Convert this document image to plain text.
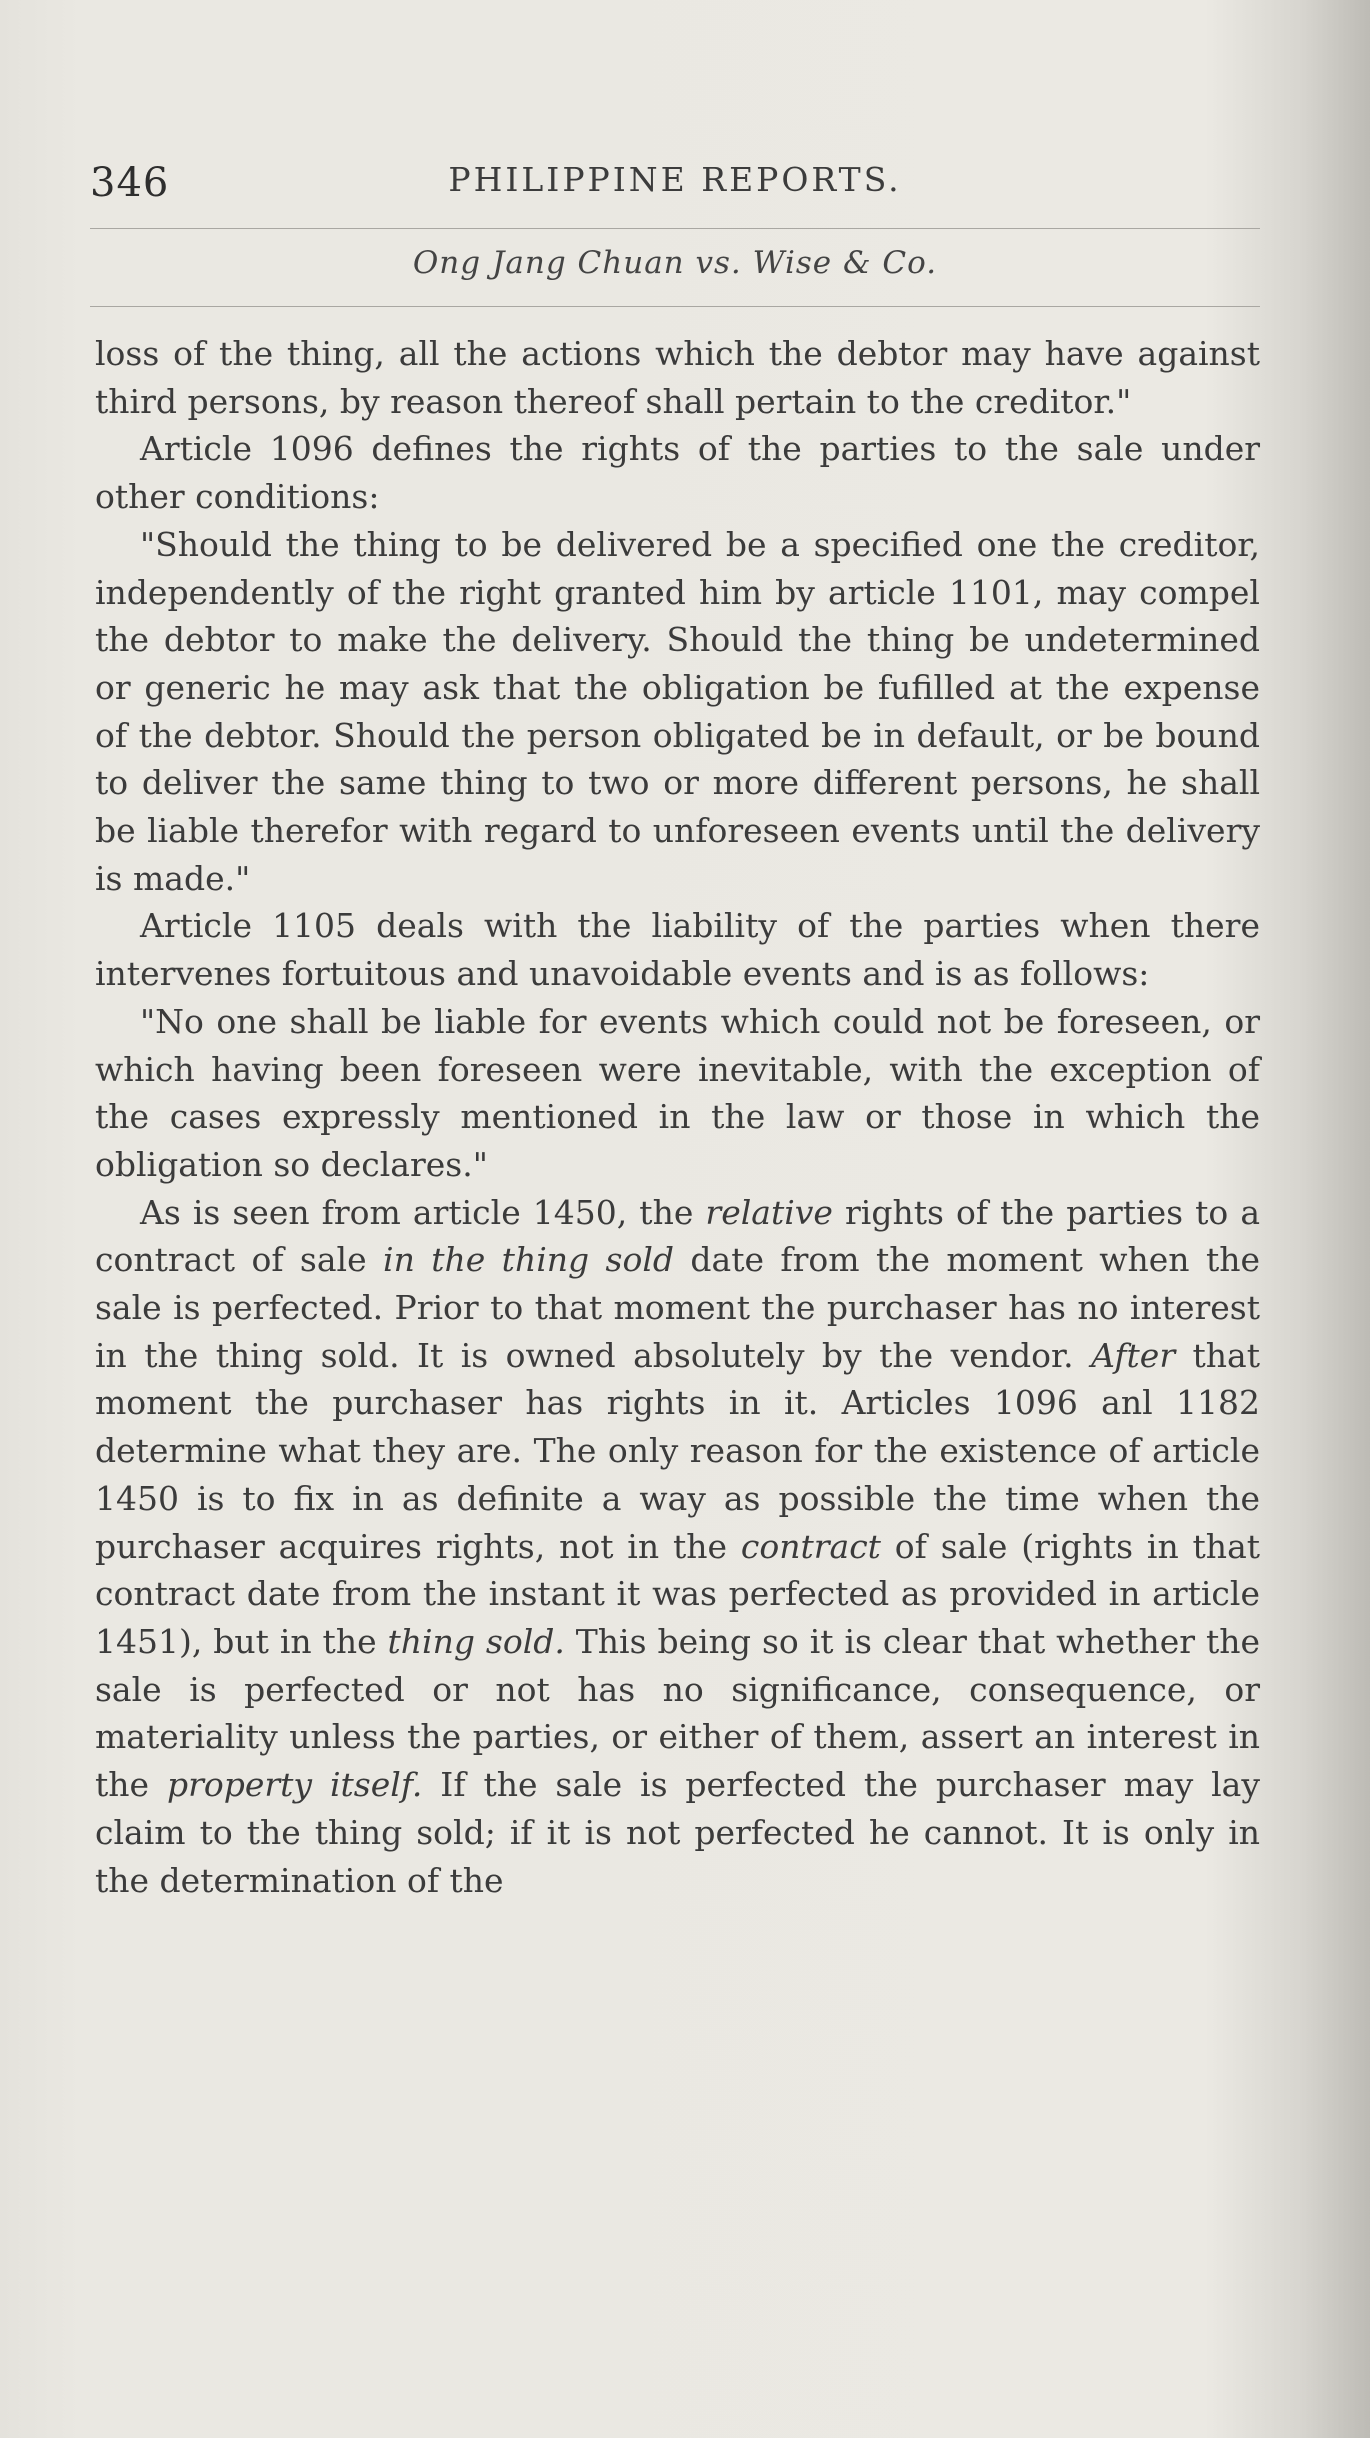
346	PHILIPPINE REPORTS.
Ong Jang Chuan vs. Wise & Co.

loss of the thing, all the actions which the debtor may have against third persons, by reason thereof shall pertain to the creditor."

Article 1096 defines the rights of the parties to the sale under other conditions:

"Should the thing to be delivered be a specified one the creditor, independently of the right granted him by article 1101, may compel the debtor to make the delivery. Should the thing be undetermined or generic he may ask that the obligation be fufilled at the expense of the debtor. Should the person obligated be in default, or be bound to deliver the same thing to two or more different persons, he shall be liable therefor with regard to unforeseen events until the delivery is made."

Article 1105 deals with the liability of the parties when there intervenes fortuitous and unavoidable events and is as follows:

"No one shall be liable for events which could not be foreseen, or which having been foreseen were inevitable, with the exception of the cases expressly mentioned in the law or those in which the obligation so declares."

As is seen from article 1450, the relative rights of the parties to a contract of sale in the thing sold date from the moment when the sale is perfected. Prior to that moment the purchaser has no interest in the thing sold. It is owned absolutely by the vendor. After that moment the purchaser has rights in it. Articles 1096 anl 1182 determine what they are. The only reason for the existence of article 1450 is to fix in as definite a way as possible the time when the purchaser acquires rights, not in the contract of sale (rights in that contract date from the instant it was perfected as provided in article 1451), but in the thing sold. This being so it is clear that whether the sale is perfected or not has no significance, consequence, or materiality unless the parties, or either of them, assert an interest in the property itself. If the sale is perfected the purchaser may lay claim to the thing sold; if it is not perfected he cannot. It is only in the determination of the
